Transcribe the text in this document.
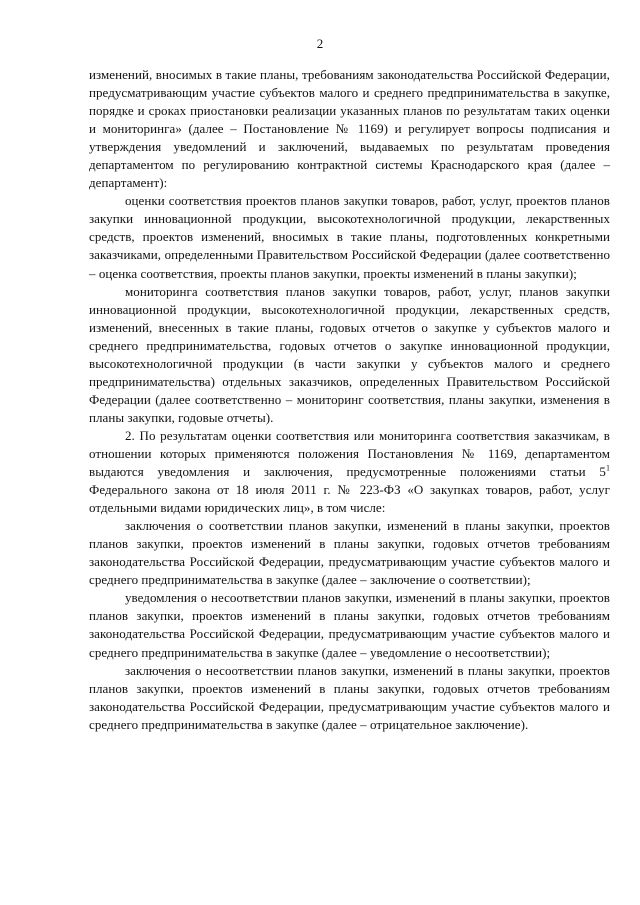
2

изменений, вносимых в такие планы, требованиям законодательства Российской Федерации, предусматривающим участие субъектов малого и среднего предпринимательства в закупке, порядке и сроках приостановки реализации указанных планов по результатам таких оценки и мониторинга» (далее – Постановление № 1169) и регулирует вопросы подписания и утверждения уведомлений и заключений, выдаваемых по результатам проведения департаментом по регулированию контрактной системы Краснодарского края (далее – департамент):

оценки соответствия проектов планов закупки товаров, работ, услуг, проектов планов закупки инновационной продукции, высокотехнологичной продукции, лекарственных средств, проектов изменений, вносимых в такие планы, подготовленных конкретными заказчиками, определенными Правительством Российской Федерации (далее соответственно – оценка соответствия, проекты планов закупки, проекты изменений в планы закупки);

мониторинга соответствия планов закупки товаров, работ, услуг, планов закупки инновационной продукции, высокотехнологичной продукции, лекарственных средств, изменений, внесенных в такие планы, годовых отчетов о закупке у субъектов малого и среднего предпринимательства, годовых отчетов о закупке инновационной продукции, высокотехнологичной продукции (в части закупки у субъектов малого и среднего предпринимательства) отдельных заказчиков, определенных Правительством Российской Федерации (далее соответственно – мониторинг соответствия, планы закупки, изменения в планы закупки, годовые отчеты).

2. По результатам оценки соответствия или мониторинга соответствия заказчикам, в отношении которых применяются положения Постановления № 1169, департаментом выдаются уведомления и заключения, предусмотренные положениями статьи $5^1$ Федерального закона от 18 июля 2011 г. № 223-ФЗ «О закупках товаров, работ, услуг отдельными видами юридических лиц», в том числе:

заключения о соответствии планов закупки, изменений в планы закупки, проектов планов закупки, проектов изменений в планы закупки, годовых отчетов требованиям законодательства Российской Федерации, предусматривающим участие субъектов малого и среднего предпринимательства в закупке (далее – заключение о соответствии);

уведомления о несоответствии планов закупки, изменений в планы закупки, проектов планов закупки, проектов изменений в планы закупки, годовых отчетов требованиям законодательства Российской Федерации, предусматривающим участие субъектов малого и среднего предпринимательства в закупке (далее – уведомление о несоответствии);

заключения о несоответствии планов закупки, изменений в планы закупки, проектов планов закупки, проектов изменений в планы закупки, годовых отчетов требованиям законодательства Российской Федерации, предусматривающим участие субъектов малого и среднего предпринимательства в закупке (далее – отрицательное заключение).
